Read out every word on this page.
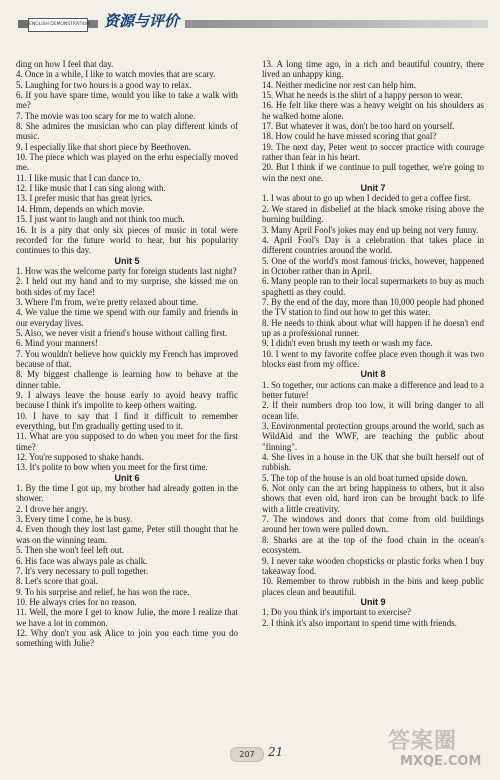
ENGLISH·DEMONSTRATION 资源与评价
ding on how I feel that day.
4. Once in a while, I like to watch movies that are scary.
5. Laughing for two hours is a good way to relax.
6. If you have spare time, would you like to take a walk with me?
7. The movie was too scary for me to watch alone.
8. She admires the musician who can play different kinds of music.
9. I especially like that short piece by Beethoven.
10. The piece which was played on the erhu especially moved me.
11. I like music that I can dance to.
12. I like music that I can sing along with.
13. I prefer music that has great lyrics.
14. Hmm, depends on which movie.
15. I just want to laugh and not think too much.
16. It is a pity that only six pieces of music in total were recorded for the future world to hear, but his popularity continues to this day.
Unit 5
1. How was the welcome party for foreign students last night?
2. I held out my hand and to my surprise, she kissed me on both sides of my face!
3. Where I'm from, we're pretty relaxed about time.
4. We value the time we spend with our family and friends in our everyday lives.
5. Also, we never visit a friend's house without calling first.
6. Mind your manners!
7. You wouldn't believe how quickly my French has improved because of that.
8. My biggest challenge is learning how to behave at the dinner table.
9. I always leave the house early to avoid heavy traffic because I think it's impolite to keep others waiting.
10. I have to say that I find it difficult to remember everything, but I'm gradually getting used to it.
11. What are you supposed to do when you meet for the first time?
12. You're supposed to shake hands.
13. It's polite to bow when you meet for the first time.
Unit 6
1. By the time I got up, my brother had already gotten in the shower.
2. I drove her angry.
3. Every time I come, he is busy.
4. Even though they lost last game, Peter still thought that he was on the winning team.
5. Then she won't feel left out.
6. His face was always pale as chalk.
7. It's very necessary to pull together.
8. Let's score that goal.
9. To his surprise and relief, he has won the race.
10. He always cries for no reason.
11. Well, the more I get to know Julie, the more I realize that we have a lot in common.
12. Why don't you ask Alice to join you each time you do something with Julie?
13. A long time ago, in a rich and beautiful country, there lived an unhappy king.
14. Neither medicine nor rest can help him.
15. What he needs is the shirt of a happy person to wear.
16. He felt like there was a heavy weight on his shoulders as he walked home alone.
17. But whatever it was, don't be too hard on yourself.
18. How could he have missed scoring that goal?
19. The next day, Peter went to soccer practice with courage rather than fear in his heart.
20. But I think if we continue to pull together, we're going to win the next one.
Unit 7
1. I was about to go up when I decided to get a coffee first.
2. We stared in disbelief at the black smoke rising above the burning building.
3. Many April Fool's jokes may end up being not very funny.
4. April Fool's Day is a celebration that takes place in different countries around the world.
5. One of the world's most famous tricks, however, happened in October rather than in April.
6. Many people ran to their local supermarkets to buy as much spaghetti as they could.
7. By the end of the day, more than 10,000 people had phoned the TV station to find out how to get this water.
8. He needs to think about what will happen if he doesn't end up as a professional runner.
9. I didn't even brush my teeth or wash my face.
10. I went to my favorite coffee place even though it was two blocks east from my office.
Unit 8
1. So together, our actions can make a difference and lead to a better future!
2. If their numbers drop too low, it will bring danger to all ocean life.
3. Environmental protection groups around the world, such as WildAid and the WWF, are teaching the public about "finning".
4. She lives in a house in the UK that she built herself out of rubbish.
5. The top of the house is an old boat turned upside down.
6. Not only can the art bring happiness to others, but it also shows that even old, hard iron can be brought back to life with a little creativity.
7. The windows and doors that come from old buildings around her town were pulled down.
8. Sharks are at the top of the food chain in the ocean's ecosystem.
9. I never take wooden chopsticks or plastic forks when I buy takeaway food.
10. Remember to throw rubbish in the bins and keep public places clean and beautiful.
Unit 9
1. Do you think it's important to exercise?
2. I think it's also important to spend time with friends.
207	21	答案圈
MXQE.COM
